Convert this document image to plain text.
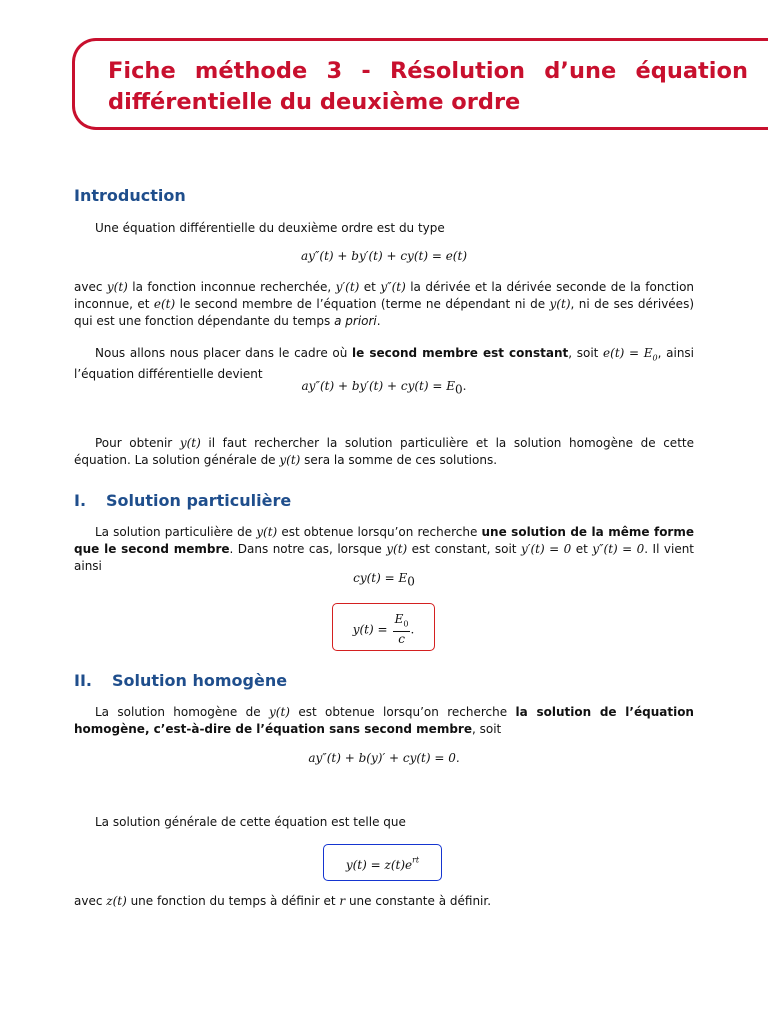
Fiche méthode 3 - Résolution d’une équation
différentielle du deuxième ordre
Introduction

Une équation différentielle du deuxième ordre est du type

ay″(t) + by′(t) + cy(t) = e(t)

avec y(t) la fonction inconnue recherchée, y′(t) et y″(t) la dérivée et la dérivée seconde de la fonction inconnue, et e(t) le second membre de l’équation (terme ne dépendant ni de y(t), ni de ses dérivées) qui est une fonction dépendante du temps a priori.

Nous allons nous placer dans le cadre où le second membre est constant, soit $e(t) = E_0$, ainsi l’équation différentielle devient

$ay''(t) + by'(t) + cy(t) = E_0$.

Pour obtenir y(t) il faut rechercher la solution particulière et la solution homogène de cette équation. La solution générale de y(t) sera la somme de ces solutions.

I. Solution particulière

La solution particulière de y(t) est obtenue lorsqu’on recherche une solution de la même forme que le second membre. Dans notre cas, lorsque y(t) est constant, soit y′(t) = 0 et y″(t) = 0. Il vient ainsi

$cy(t) = E_0$
$y(t) = \frac{E_0}{c}$ .
II. Solution homogène

La solution homogène de y(t) est obtenue lorsqu’on recherche la solution de l’équation homogène, c’est-à-dire de l’équation sans second membre, soit

ay″(t) + b(y)′ + cy(t) = 0.

La solution générale de cette équation est telle que

$y(t) = z(t)e^{rt}$

avec z(t) une fonction du temps à définir et r une constante à définir.
